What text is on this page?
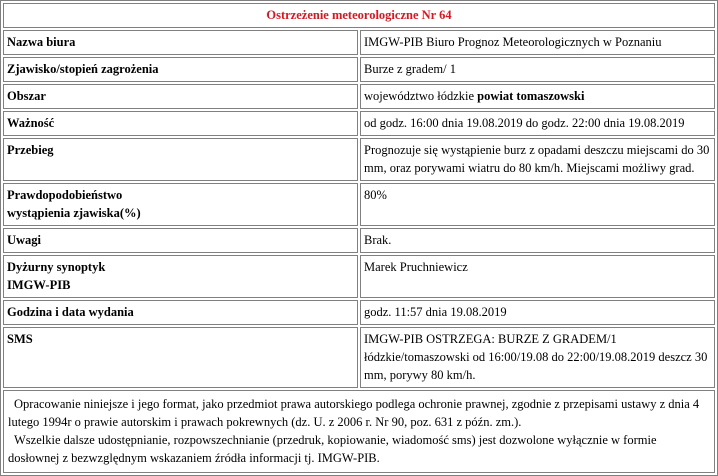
Ostrzeżenie meteorologiczne Nr 64	
Nazwa biura	IMGW-PIB Biuro Prognoz Meteorologicznych w Poznaniu
Zjawisko/stopień zagrożenia	Burze z gradem/ 1
Obszar	województwo łódzkie powiat tomaszowski
Ważność	od godz. 16:00 dnia 19.08.2019 do godz. 22:00 dnia 19.08.2019
Przebieg	Prognozuje się wystąpienie burz z opadami deszczu miejscami do 30 mm, oraz porywami wiatru do 80 km/h. Miejscami możliwy grad.
Prawdopodobieństwo
wystąpienia zjawiska(%)	80%
Uwagi	Brak.
Dyżurny synoptyk
IMGW-PIB	Marek Pruchniewicz
Godzina i data wydania	godz. 11:57 dnia 19.08.2019
SMS	IMGW-PIB OSTRZEGA: BURZE Z GRADEM/1 łódzkie/tomaszowski od 16:00/19.08 do 22:00/19.08.2019 deszcz 30 mm, porywy 80 km/h.

Opracowanie niniejsze i jego format, jako przedmiot prawa autorskiego podlega ochronie prawnej, zgodnie z przepisami ustawy z dnia 4 lutego 1994r o prawie autorskim i prawach pokrewnych (dz. U. z 2006 r. Nr 90, poz. 631 z późn. zm.).
Wszelkie dalsze udostępnianie, rozpowszechnianie (przedruk, kopiowanie, wiadomość sms) jest dozwolone wyłącznie w formie dosłownej z bezwzględnym wskazaniem źródła informacji tj. IMGW-PIB.	
